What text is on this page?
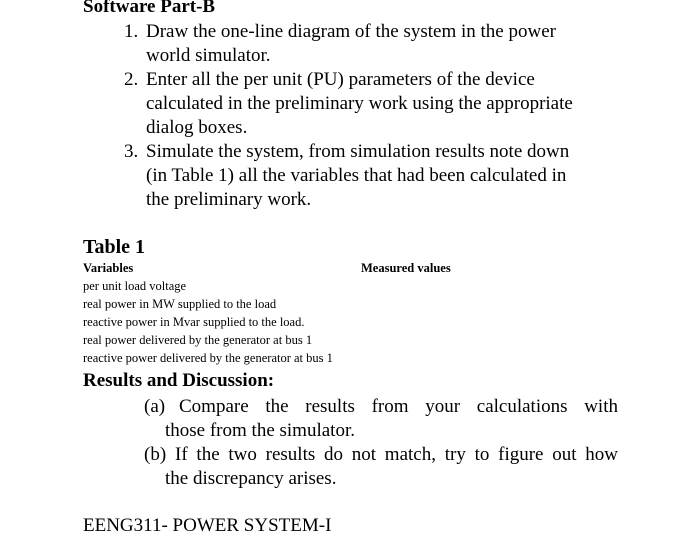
Software Part-B
1. Draw the one-line diagram of the system in the power
world simulator.
2. Enter all the per unit (PU) parameters of the device
calculated in the preliminary work using the appropriate
dialog boxes.
3. Simulate the system, from simulation results note down
(in Table 1) all the variables that had been calculated in
the preliminary work.
Table 1
Variables	Measured values
per unit load voltage
real power in MW supplied to the load
reactive power in Mvar supplied to the load.
real power delivered by the generator at bus 1
reactive power delivered by the generator at bus 1
Results and Discussion:
(a) Compare the results from your calculations with
those from the simulator.
(b) If the two results do not match, try to figure out how
the discrepancy arises.
EENG311- POWER SYSTEM-I
